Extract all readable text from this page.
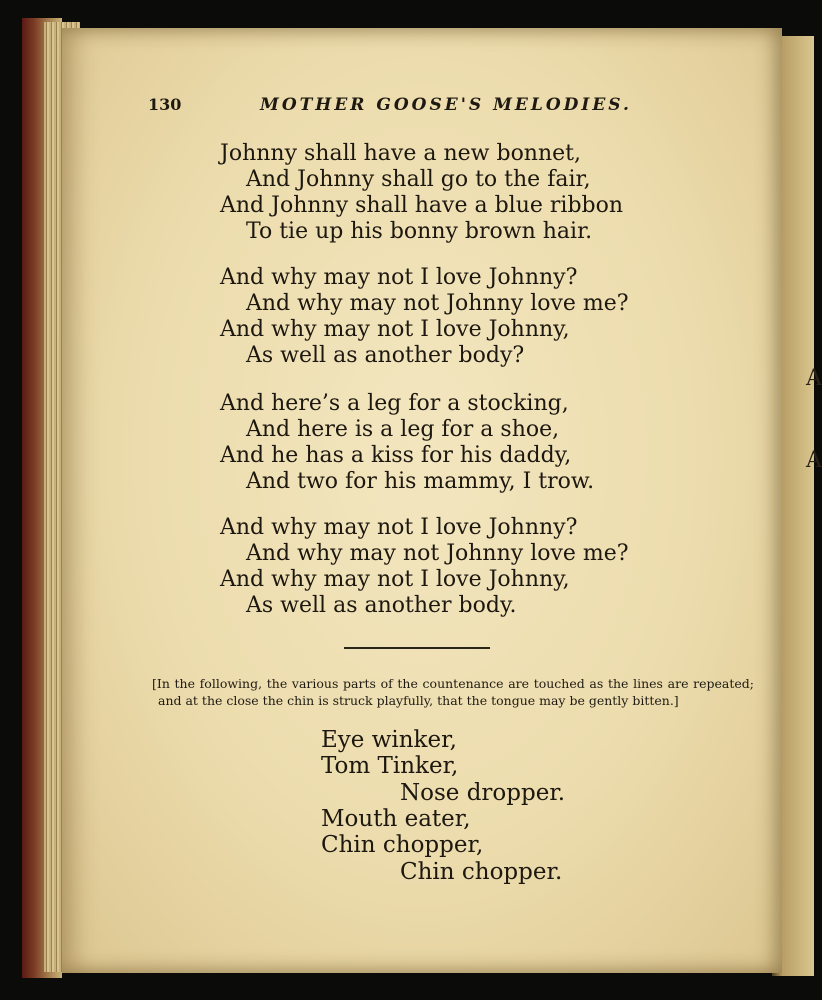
A
A
130	MOTHER GOOSE'S MELODIES.
Johnny shall have a new bonnet,
And Johnny shall go to the fair,
And Johnny shall have a blue ribbon
To tie up his bonny brown hair.
And why may not I love Johnny?
And why may not Johnny love me?
And why may not I love Johnny,
As well as another body?
And here’s a leg for a stocking,
And here is a leg for a shoe,
And he has a kiss for his daddy,
And two for his mammy, I trow.
And why may not I love Johnny?
And why may not Johnny love me?
And why may not I love Johnny,
As well as another body.
[In the following, the various parts of the countenance are touched as the lines are repeated; and at the close the chin is struck playfully, that the tongue may be gently bitten.]
Eye winker,
Tom Tinker,
Nose dropper.
Mouth eater,
Chin chopper,
Chin chopper.
